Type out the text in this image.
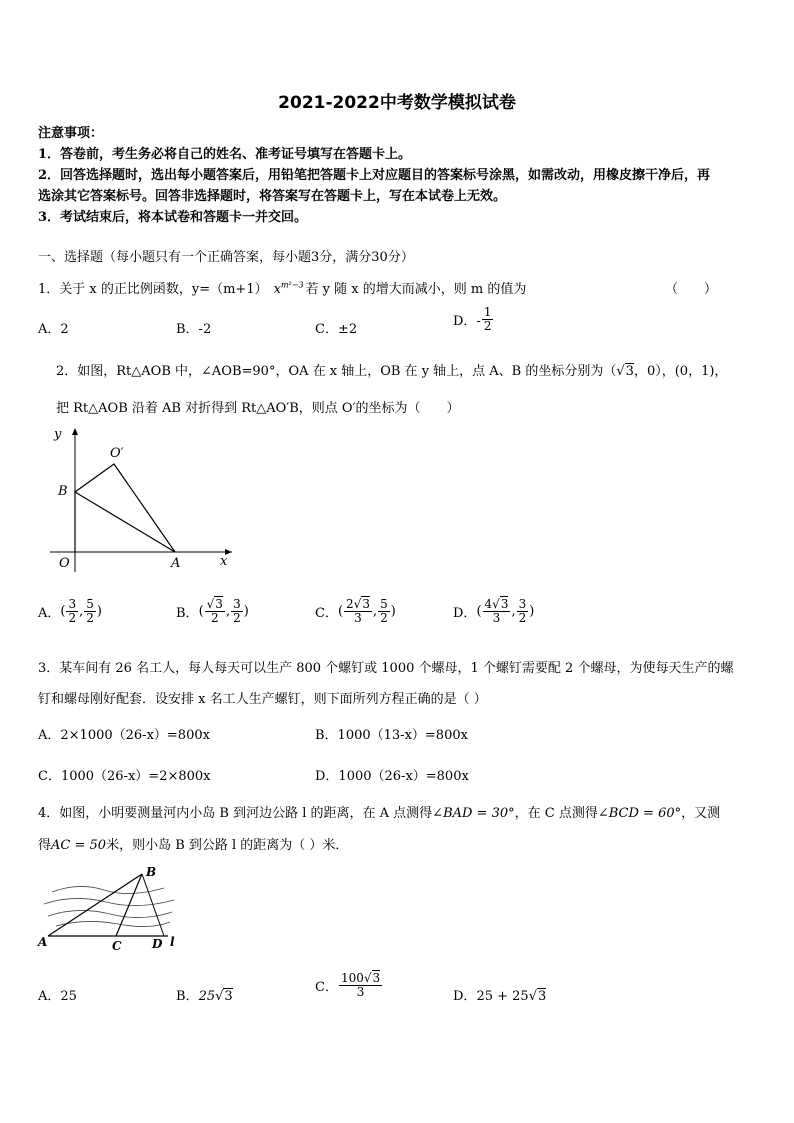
2021-2022中考数学模拟试卷
注意事项：
1．答卷前，考生务必将自己的姓名、准考证号填写在答题卡上。
2．回答选择题时，选出每小题答案后，用铅笔把答题卡上对应题目的答案标号涂黑，如需改动，用橡皮擦干净后，再
选涂其它答案标号。回答非选择题时，将答案写在答题卡上，写在本试卷上无效。
3．考试结束后，将本试卷和答题卡一并交回。
一、选择题（每小题只有一个正确答案，每小题3分，满分30分）
1．关于 x 的正比例函数，y=（m+1） $x^{m^2-3}$ 若 y 随 x 的增大而减小，则 m 的值为	（　　）
A．2	B．-2	C．±2
D．- $\frac{1}{2}$
2．如图，Rt△AOB 中，∠AOB=90°，OA 在 x 轴上，OB 在 y 轴上，点 A、B 的坐标分别为（√3，0），(0，1)，
把 Rt△AOB 沿着 AB 对折得到 Rt△AO′B，则点 O′的坐标为（　　）
y
x
O	A
B
O′
A．( $\frac{3}{2}$ , $\frac{5}{2}$ )	B．( $\frac{√3}{2}$ , $\frac{3}{2}$ )	C．( $\frac{2√3}{3}$ , $\frac{5}{2}$ )	D．( $\frac{4√3}{3}$ , $\frac{3}{2}$ )
3．某车间有 26 名工人，每人每天可以生产 800 个螺钉或 1000 个螺母，1 个螺钉需要配 2 个螺母，为使每天生产的螺
钉和螺母刚好配套．设安排 x 名工人生产螺钉，则下面所列方程正确的是（ ）
A．2×1000（26-x）=800x	B．1000（13-x）=800x
C．1000（26-x）=2×800x	D．1000（26-x）=800x
4．如图，小明要测量河内小岛 B 到河边公路 l 的距离，在 A 点测得∠BAD = 30°，在 C 点测得∠BCD = 60°，又测
得AC = 50米，则小岛 B 到公路 l 的距离为（ ）米．
A
B
C	D l
A．25	B．25√3
C． $\frac{100√3}{3}$	D．25 + 25√3
